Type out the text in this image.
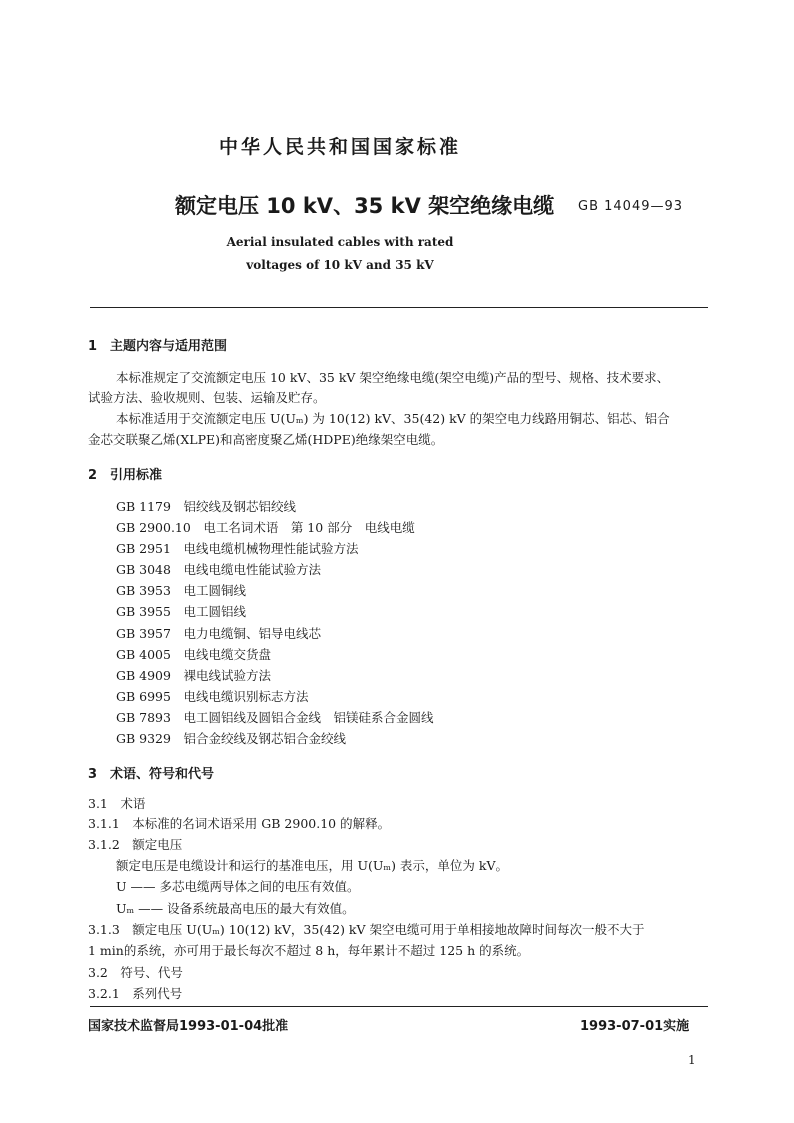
中华人民共和国国家标准
额定电压 10 kV、35 kV 架空绝缘电缆 GB 14049—93
Aerial insulated cables with rated
voltages of 10 kV and 35 kV
1　主题内容与适用范围
本标准规定了交流额定电压 10 kV、35 kV 架空绝缘电缆(架空电缆)产品的型号、规格、技术要求、
试验方法、验收规则、包装、运输及贮存。
本标准适用于交流额定电压 U(Uₘ) 为 10(12) kV、35(42) kV 的架空电力线路用铜芯、铝芯、铝合
金芯交联聚乙烯(XLPE)和高密度聚乙烯(HDPE)绝缘架空电缆。
2　引用标准
GB 1179　铝绞线及钢芯铝绞线
GB 2900.10　电工名词术语　第 10 部分　电线电缆
GB 2951　电线电缆机械物理性能试验方法
GB 3048　电线电缆电性能试验方法
GB 3953　电工圆铜线
GB 3955　电工圆铝线
GB 3957　电力电缆铜、铝导电线芯
GB 4005　电线电缆交货盘
GB 4909　裸电线试验方法
GB 6995　电线电缆识别标志方法
GB 7893　电工圆铝线及圆铝合金线　铝镁硅系合金圆线
GB 9329　铝合金绞线及钢芯铝合金绞线
3　术语、符号和代号
3.1　术语
3.1.1　本标准的名词术语采用 GB 2900.10 的解释。
3.1.2　额定电压
额定电压是电缆设计和运行的基准电压，用 U(Uₘ) 表示，单位为 kV。
U —— 多芯电缆两导体之间的电压有效值。
Uₘ —— 设备系统最高电压的最大有效值。
3.1.3　额定电压 U(Uₘ) 10(12) kV，35(42) kV 架空电缆可用于单相接地故障时间每次一般不大于
1 min的系统，亦可用于最长每次不超过 8 h，每年累计不超过 125 h 的系统。
3.2　符号、代号
3.2.1　系列代号
国家技术监督局1993-01-04批准	1993-07-01实施
1
